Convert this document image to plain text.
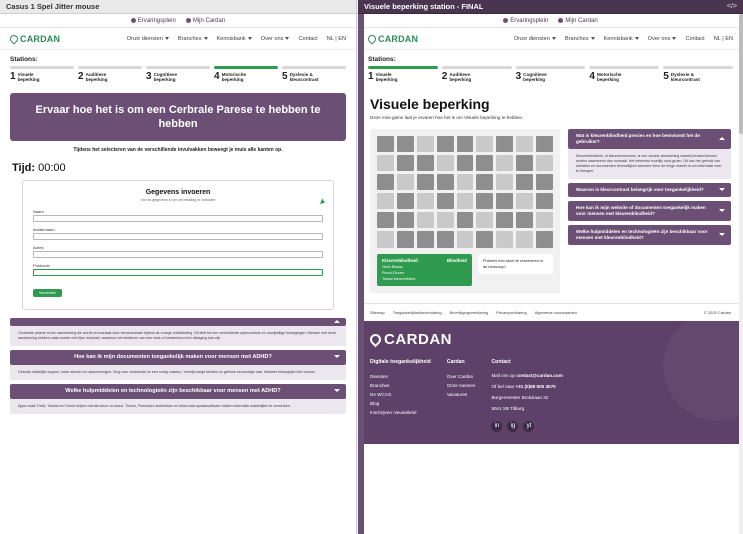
Casus 1 Spel Jitter mouse
Ervaringsplein	Mijn Cardan
CARDAN	Onze diensten	Branches	Kennisbank	Over ons	Contact NL | EN
Stations:
1 Visuele
beperking	2 Auditieve
beperking	3 Cognitieve
beperking	4 Motorische
beperking	5 Dyslexie &
kleurcontrast
Ervaar hoe het is om een Cerbrale Parese te hebben te hebben
Tijdens het selecteren van de verschillende invulvakken beweegt je muis alle kanten op.
Tijd: 00:00
Gegevens invoeren
Vul uw gegevens in om de betaling te voltooien
Naam
Achternaam
Adres
Postcode
Verzenden
Cerebrale parese is een aandoening die wordt veroorzaakt door hersenschade tijdens de vroege ontwikkeling. Dit leidt tot een verminderde spiercontrole en onvrijwillige bewegingen. Mensen met deze aandoening hebben vaak moeite met fijne motoriek, waardoor het bedienen van een muis of toetsenbord een uitdaging kan zijn.
Hoe kan ik mijn documenten toegankelijk maken voor mensen met ADHD?
Gebruik duidelijke koppen, korte alinea's en opsommingen. Zorg voor voldoende en een rustig ontwerp. Vermijd lange teksten en gebruik eenvoudige taal. Markeer belangrijke info visueel.
Welke hulpmiddelen en technologieën zijn beschikbaar voor mensen met ADHD?
Apps zoals Trello, Todoist en Forest helpen met structuur en focus. Timers, Pomodoro-technieken en tekst-naar-spraaksoftware maken informatie makkelijker te verwerken.
Visuele beperking station - FINAL	</>
Ervaringsplein	Mijn Cardan
CARDAN	Onze diensten	Branches	Kennisbank	Over ons	Contact NL | EN
Stations:
1 Visuele
beperking	2 Auditieve
beperking	3 Cognitieve
beperking	4 Motorische
beperking	5 Dyslexie &
kleurcontrast
Visuele beperking
Deze mini-game laat je ervaren hoe het is om Visuele beperking te hebben.
Kleurenblindheid	Blindheid
Geel-Blauw
Rood-Groen
Totaal kleurenblind
Probeer een stoel te reserveren in de bioscoop!
Wat is kleurenblindheid precies en hoe beïnvloedt het de gebruiker?
Kleurenblindheid, of kleurzienstoornis, is een visuele aandoening waarbij iemand kleuren anders waarneemt dan normaal. Het bekendst moeilijk rood-groen. Dit kan het gebruik van websites en documenten bemoeilijken wanneer kleur de enige manier is om informatie over te brengen.
Waarom is kleurcontrast belangrijk voor toegankelijkheid?
Hoe kan ik mijn website of documenten toegankelijk maken voor mensen met kleurenblindheid?
Welke hulpmiddelen en technologieën zijn beschikbaar voor mensen met kleurenblindheid?
Sitemap Toegankelijkheidsverklaring Beveiligingsverklaring Privacyverklaring Algemene voorwaarden	© 2025 Cardan
CARDAN
Digitale toegankelijkheid
Diensten
Branches
De WCAG
Blog
Inschrijven nieuwsbrief
Cardan
Over Cardan
Onze mensen
Vacatures
Contact
Mail ons op contact@cardan.com
Of bel naar +31 (0)88 500 4070
Burgemeester Brokxlaan 32
5041 SB Tilburg
in	ig	yt
